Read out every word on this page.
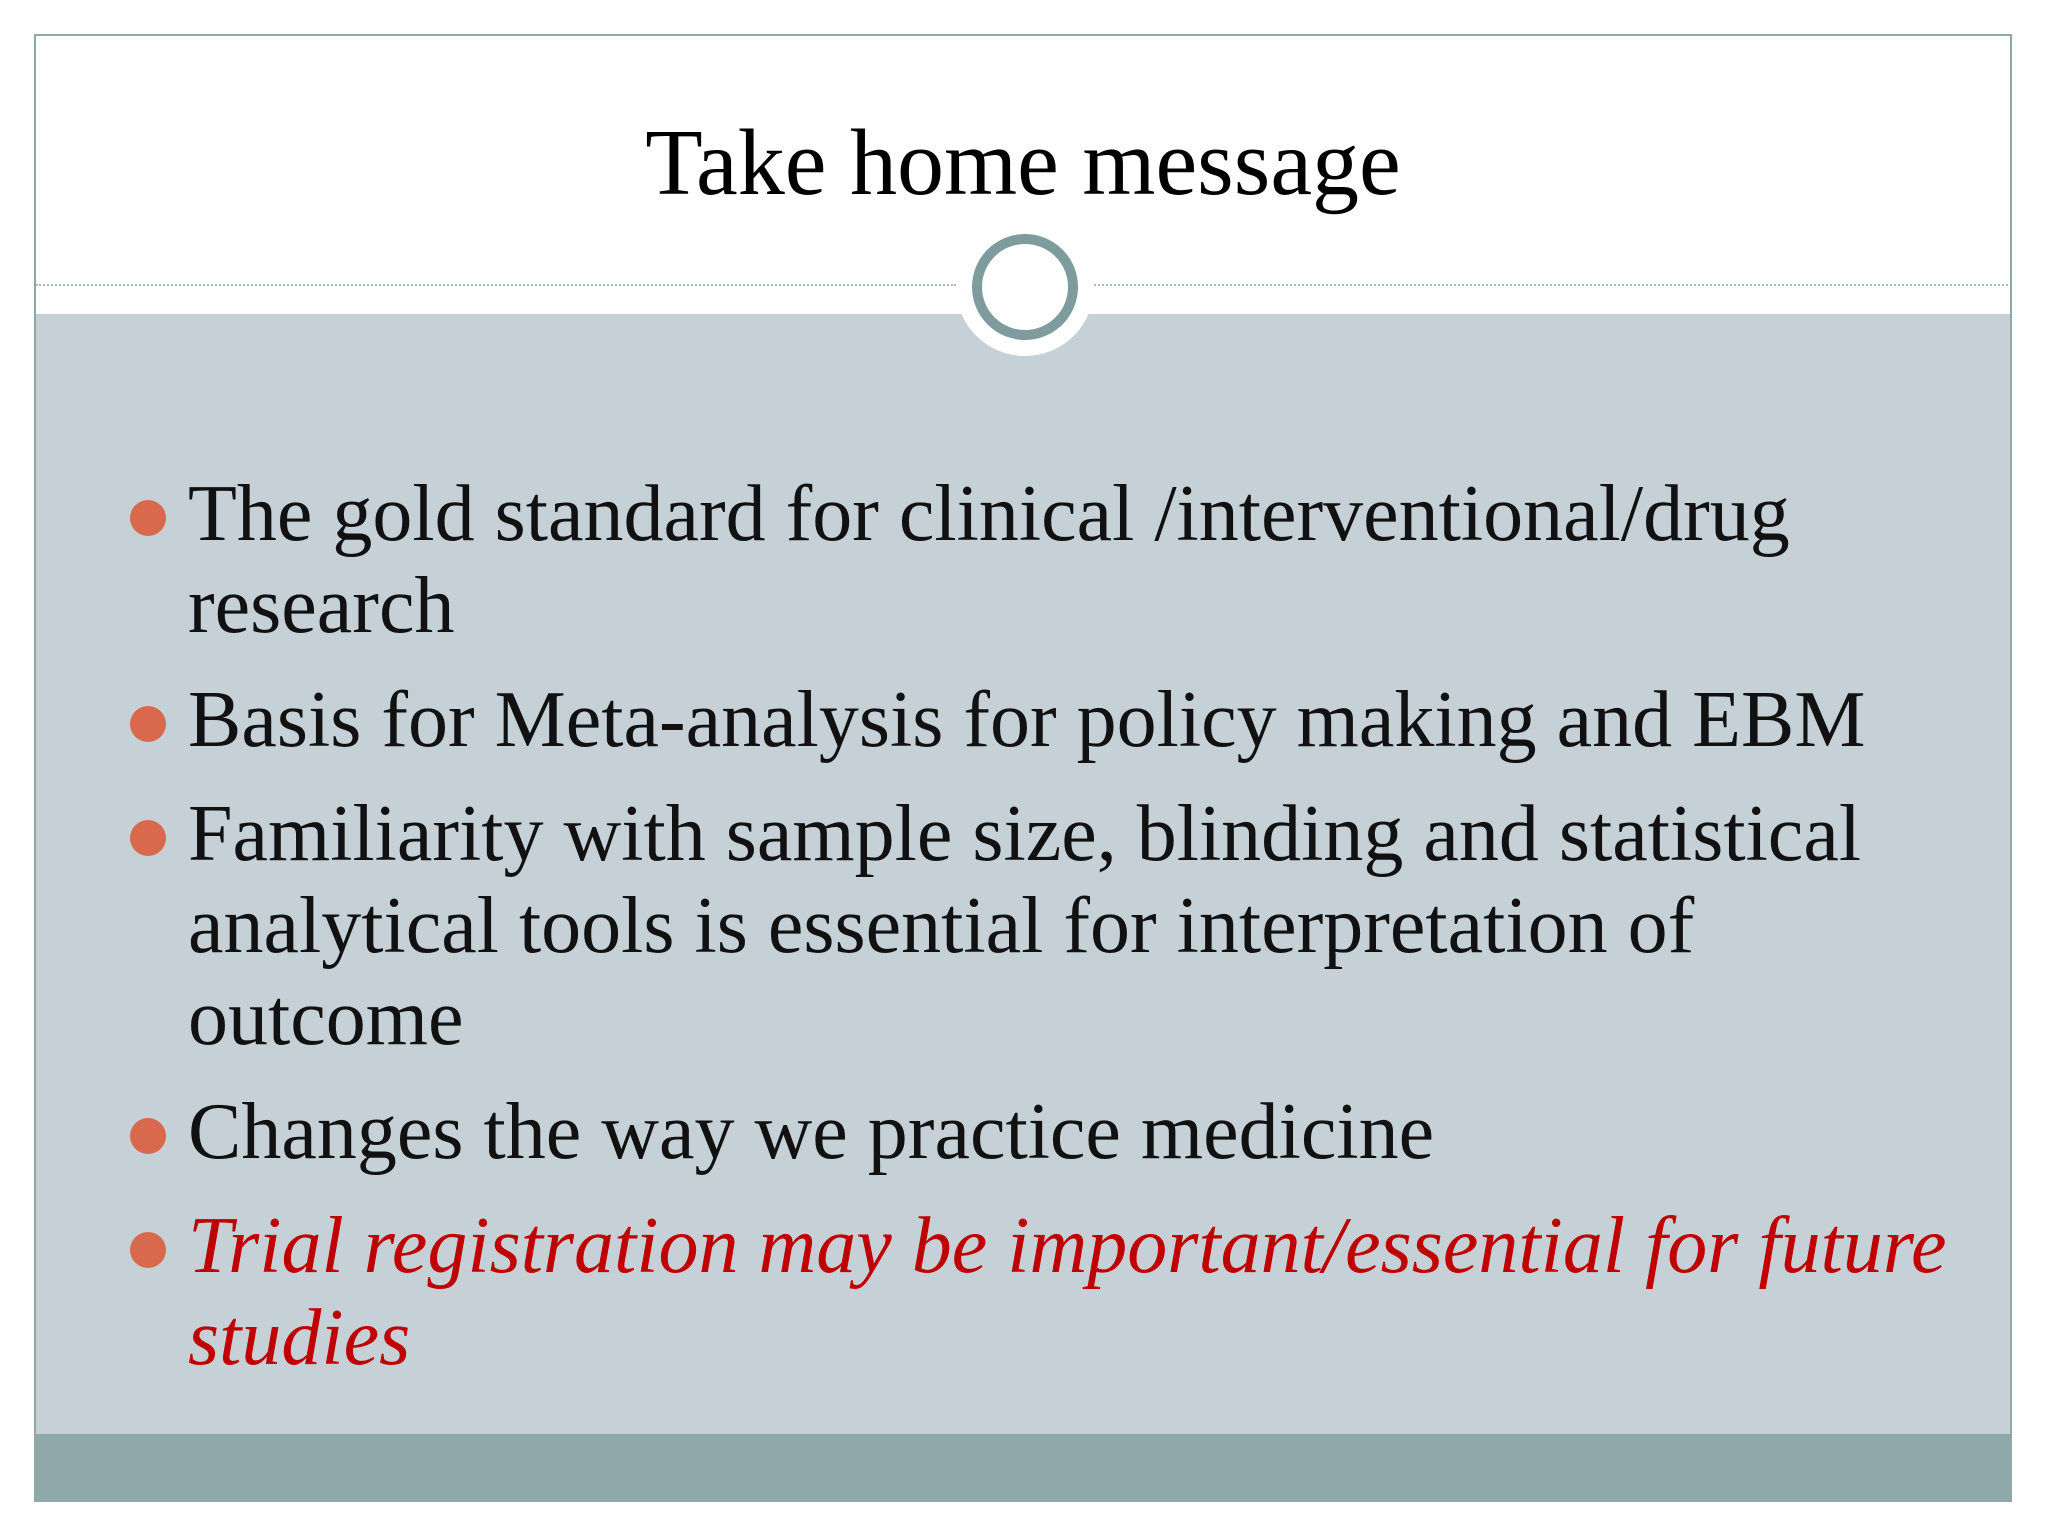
Take home message
The gold standard for clinical /interventional/drug research
Basis for Meta-analysis for policy making and EBM
Familiarity with sample size, blinding and statistical analytical tools is essential for interpretation of outcome
Changes the way we practice medicine
Trial registration may be important/essential for future studies
